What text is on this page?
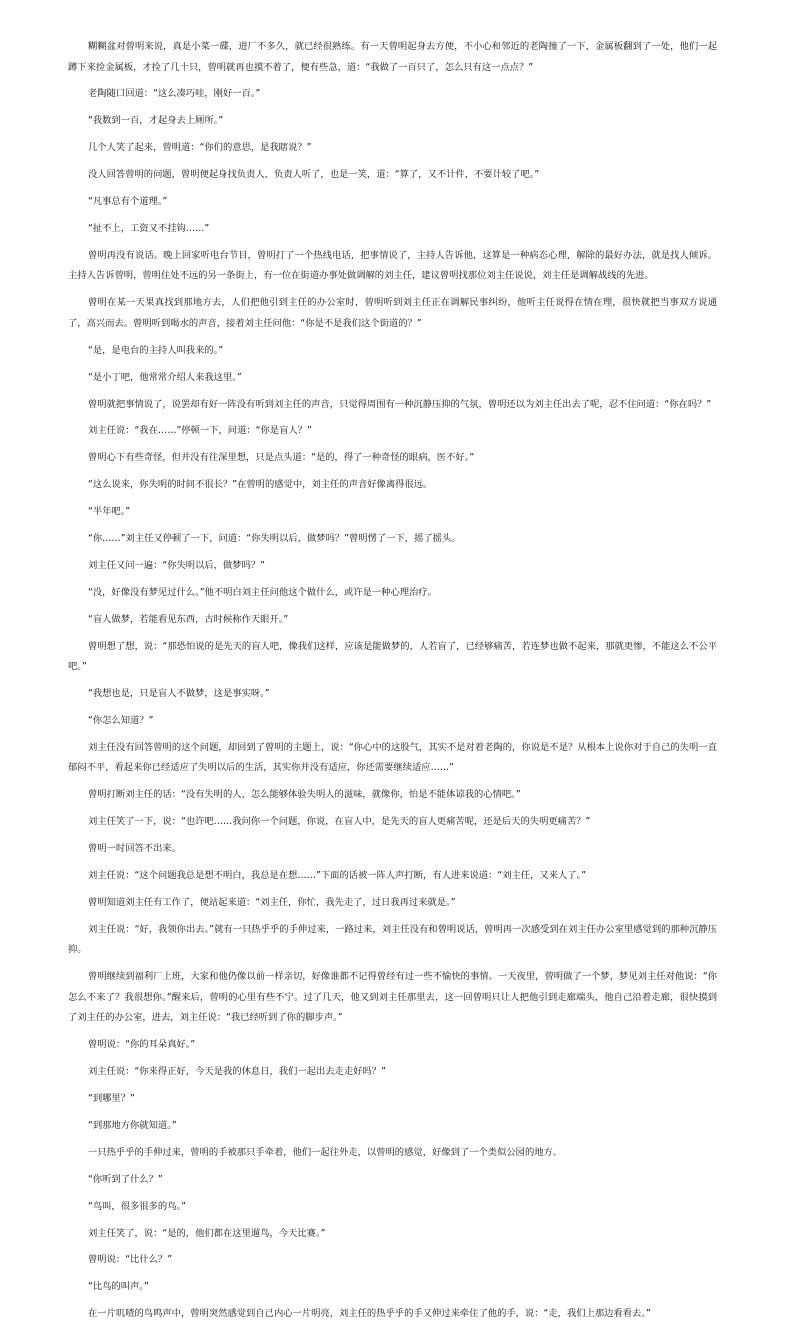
糊糊盆对曾明来说，真是小菜一碟，进厂不多久，就已经很熟练。有一天曾明起身去方便，不小心和邻近的老陶撞了一下，金属板翻到了一处，他们一起蹲下来捡金属板，才捡了几十只，曾明就再也摸不着了，便有些急，道：“我做了一百只了，怎么只有这一点点？”

老陶随口回道：“这么凑巧哇，刚好一百。”

“我数到一百，才起身去上厕所。”

几个人笑了起来，曾明道：“你们的意思，是我瞎说？”

没人回答曾明的问题，曾明便起身找负责人，负责人听了，也是一笑，道：“算了，又不计件，不要计较了吧。”

“凡事总有个道理。”

“扯不上，工资又不挂钩……”

曾明再没有说话。晚上回家听电台节目，曾明打了一个热线电话，把事情说了，主持人告诉他，这算是一种病态心理，解除的最好办法，就是找人倾诉。主持人告诉曾明，曾明住处不远的另一条街上，有一位在街道办事处做调解的刘主任，建议曾明找那位刘主任说说，刘主任是调解战线的先进。

曾明在某一天果真找到那地方去，人们把他引到主任的办公室时，曾明听到刘主任正在调解民事纠纷，他听主任说得在情在理，很快就把当事双方说通了，高兴而去。曾明听到喝水的声音，接着刘主任问他：“你是不是我们这个街道的？”

“是，是电台的主持人叫我来的。”

“是小丁吧，他常常介绍人来我这里。”

曾明就把事情说了，说罢却有好一阵没有听到刘主任的声音，只觉得周围有一种沉静压抑的气氛，曾明还以为刘主任出去了呢，忍不住问道：“你在吗？”

刘主任说：“我在……”停顿一下，问道：“你是盲人？”

曾明心下有些奇怪，但并没有往深里想，只是点头道：“是的，得了一种奇怪的眼病，医不好。”

“这么说来，你失明的时间不很长？”在曾明的感觉中，刘主任的声音好像离得很远。

“半年吧。”

“你……”刘主任又停顿了一下，问道：“你失明以后，做梦吗？”曾明愣了一下，摇了摇头。

刘主任又问一遍：“你失明以后，做梦吗？”

“没，好像没有梦见过什么。”他不明白刘主任问他这个做什么，或许是一种心理治疗。

“盲人做梦，若能看见东西，古时候称作天眼开。”

曾明想了想，说：“那恐怕说的是先天的盲人吧，像我们这样，应该是能做梦的，人若盲了，已经够痛苦，若连梦也做不起来，那就更惨，不能这么不公平吧。”

“我想也是，只是盲人不做梦，这是事实呀。”

“你怎么知道？”

刘主任没有回答曾明的这个问题，却回到了曾明的主题上，说：“你心中的这股气，其实不是对着老陶的，你说是不是？从根本上说你对于自己的失明一直郁闷不平，看起来你已经适应了失明以后的生活，其实你并没有适应，你还需要继续适应……”

曾明打断刘主任的话：“没有失明的人，怎么能够体验失明人的滋味，就像你，怕是不能体谅我的心情吧。”

刘主任笑了一下，说：“也许吧……我问你一个问题，你说，在盲人中，是先天的盲人更痛苦呢，还是后天的失明更痛苦？”

曾明一时回答不出来。

刘主任说：“这个问题我总是想不明白，我总是在想……”下面的话被一阵人声打断，有人进来说道：“刘主任，又来人了。”

曾明知道刘主任有工作了，便站起来道：“刘主任，你忙，我先走了，过日我再过来就是。”

刘主任说：“好，我领你出去。”就有一只热乎乎的手伸过来，一路过来，刘主任没有和曾明说话，曾明再一次感受到在刘主任办公室里感觉到的那种沉静压抑。

曾明继续到福利厂上班，大家和他仍像以前一样亲切，好像谁都不记得曾经有过一些不愉快的事情。一天夜里，曾明做了一个梦，梦见刘主任对他说：“你怎么不来了？我很想你。”醒来后，曾明的心里有些不宁。过了几天，他又到刘主任那里去，这一回曾明只让人把他引到走廊端头，他自己沿着走廊，很快摸到了刘主任的办公室，进去，刘主任说：“我已经听到了你的脚步声。”

曾明说：“你的耳朵真好。”

刘主任说：“你来得正好，今天是我的休息日，我们一起出去走走好吗？”

“到哪里？”

“到那地方你就知道。”

一只热乎乎的手伸过来，曾明的手被那只手牵着，他们一起往外走，以曾明的感觉，好像到了一个类似公园的地方。

“你听到了什么？”

“鸟叫，很多很多的鸟。”

刘主任笑了，说：“是的，他们都在这里遛鸟，今天比赛。”

曾明说：“比什么？”

“比鸟的叫声。”

在一片叽喳的鸟鸣声中，曾明突然感觉到自己内心一片明亮，刘主任的热乎乎的手又伸过来牵住了他的手，说：“走，我们上那边看看去。”
